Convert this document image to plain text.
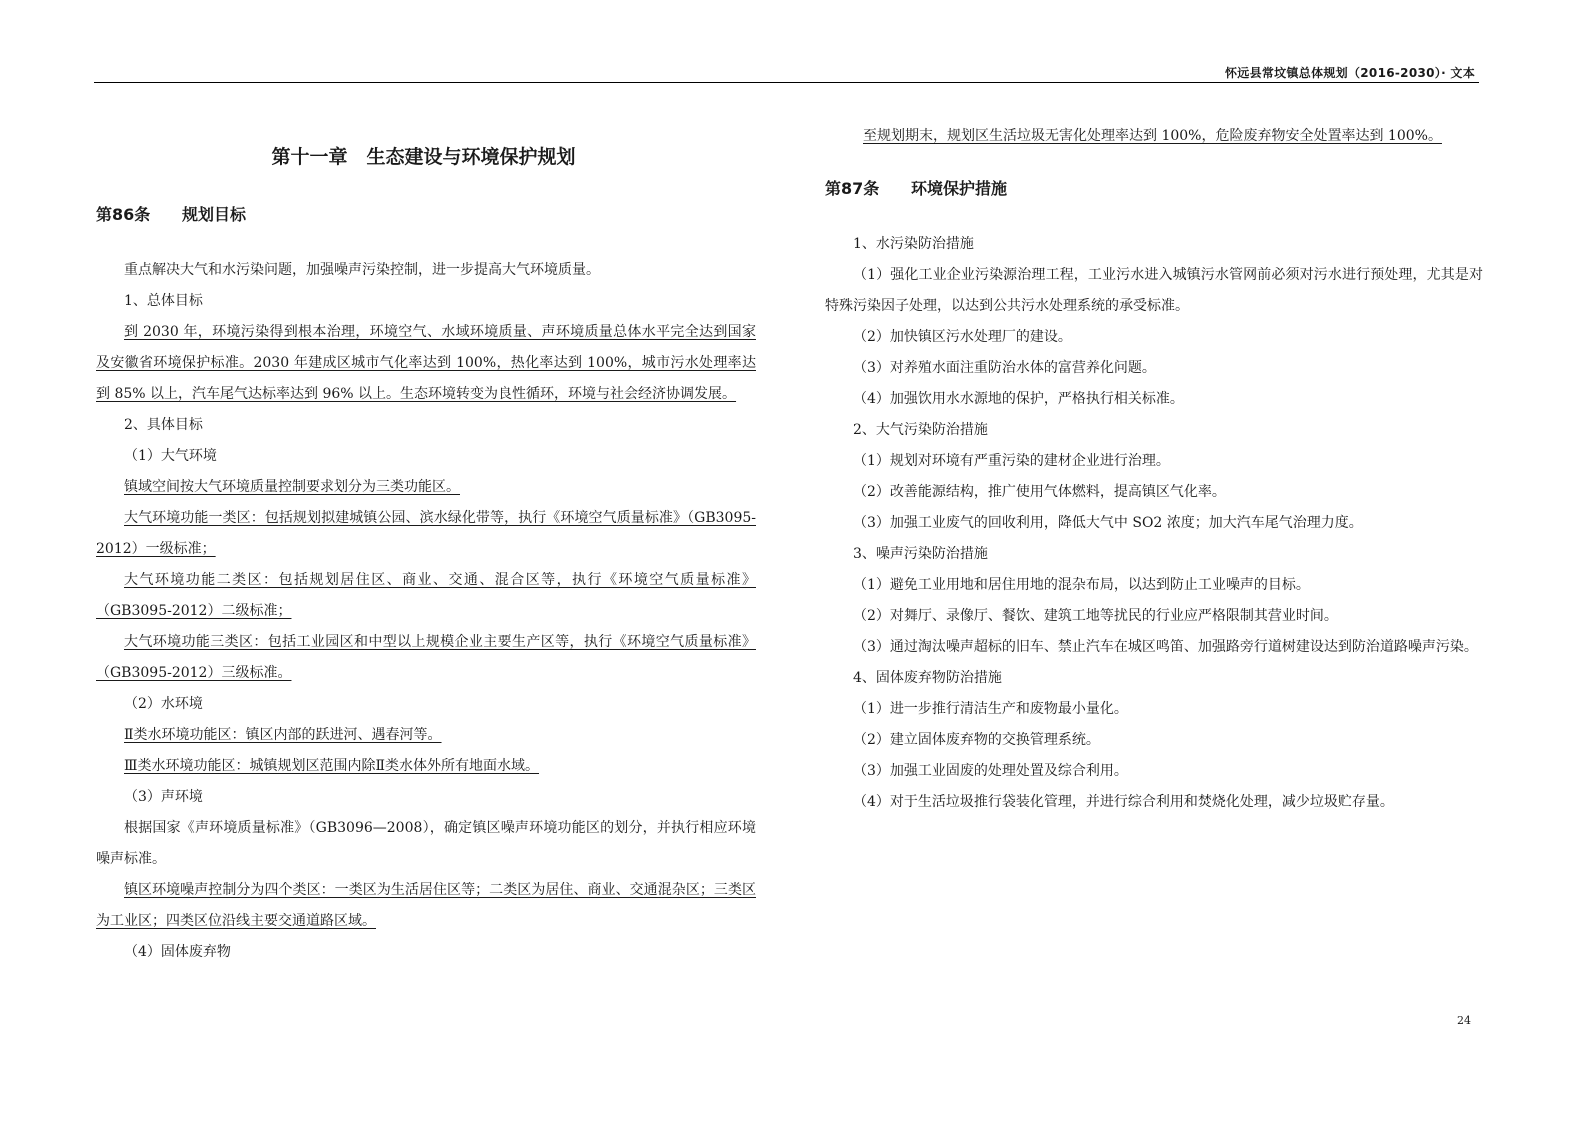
怀远县常坟镇总体规划（2016-2030）· 文本
第十一章　生态建设与环境保护规划
第86条 规划目标

重点解决大气和水污染问题，加强噪声污染控制，进一步提高大气环境质量。

1、总体目标

到 2030 年，环境污染得到根本治理，环境空气、水域环境质量、声环境质量总体水平完全达到国家及安徽省环境保护标准。2030 年建成区城市气化率达到 100%，热化率达到 100%，城市污水处理率达到 85% 以上，汽车尾气达标率达到 96% 以上。生态环境转变为良性循环，环境与社会经济协调发展。

2、具体目标

（1）大气环境

镇域空间按大气环境质量控制要求划分为三类功能区。

大气环境功能一类区：包括规划拟建城镇公园、滨水绿化带等，执行《环境空气质量标准》（GB3095-2012）一级标准；

大气环境功能二类区：包括规划居住区、商业、交通、混合区等，执行《环境空气质量标准》（GB3095-2012）二级标准；

大气环境功能三类区：包括工业园区和中型以上规模企业主要生产区等，执行《环境空气质量标准》（GB3095-2012）三级标准。

（2）水环境

Ⅱ类水环境功能区：镇区内部的跃进河、遇春河等。

Ⅲ类水环境功能区：城镇规划区范围内除Ⅱ类水体外所有地面水域。

（3）声环境

根据国家《声环境质量标准》（GB3096—2008），确定镇区噪声环境功能区的划分，并执行相应环境噪声标准。

镇区环境噪声控制分为四个类区：一类区为生活居住区等；二类区为居住、商业、交通混杂区；三类区为工业区；四类区位沿线主要交通道路区域。

（4）固体废弃物

至规划期末，规划区生活垃圾无害化处理率达到 100%，危险废弃物安全处置率达到 100%。

第87条 环境保护措施

1、水污染防治措施

（1）强化工业企业污染源治理工程，工业污水进入城镇污水管网前必须对污水进行预处理，尤其是对特殊污染因子处理，以达到公共污水处理系统的承受标准。

（2）加快镇区污水处理厂的建设。

（3）对养殖水面注重防治水体的富营养化问题。

（4）加强饮用水水源地的保护，严格执行相关标准。

2、大气污染防治措施

（1）规划对环境有严重污染的建材企业进行治理。

（2）改善能源结构，推广使用气体燃料，提高镇区气化率。

（3）加强工业废气的回收利用，降低大气中 SO2 浓度；加大汽车尾气治理力度。

3、噪声污染防治措施

（1）避免工业用地和居住用地的混杂布局，以达到防止工业噪声的目标。

（2）对舞厅、录像厅、餐饮、建筑工地等扰民的行业应严格限制其营业时间。

（3）通过淘汰噪声超标的旧车、禁止汽车在城区鸣笛、加强路旁行道树建设达到防治道路噪声污染。

4、固体废弃物防治措施

（1）进一步推行清洁生产和废物最小量化。

（2）建立固体废弃物的交换管理系统。

（3）加强工业固废的处理处置及综合利用。

（4）对于生活垃圾推行袋装化管理，并进行综合利用和焚烧化处理，减少垃圾贮存量。

24
